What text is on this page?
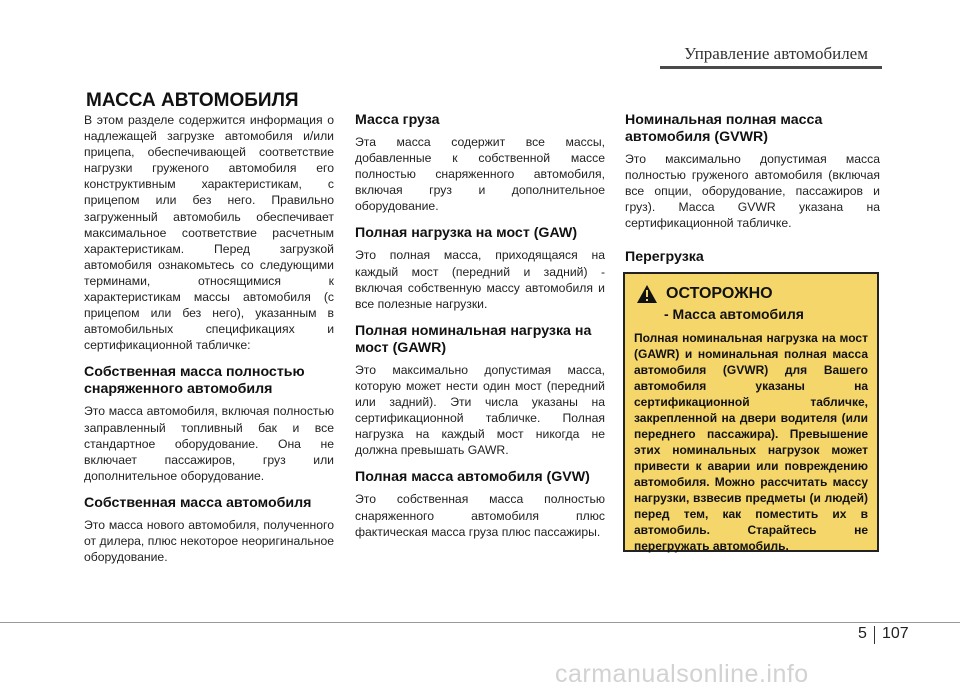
Управление автомобилем
МАССА АВТОМОБИЛЯ

В этом разделе содержится информация о надлежащей загрузке автомобиля и/или прицепа, обеспечивающей соответствие нагрузки груженого автомобиля его конструктивным характеристикам, с прицепом или без него. Правильно загруженный автомобиль обеспечивает максимальное соответствие расчетным характеристикам. Перед загрузкой автомобиля ознакомьтесь со следующими терминами, относящимися к характеристикам массы автомобиля (с прицепом или без него), указанным в автомобильных спецификациях и сертификационной табличке:

Собственная масса полностью снаряженного автомобиля

Это масса автомобиля, включая полностью заправленный топливный бак и все стандартное оборудование. Она не включает пассажиров, груз или дополнительное оборудование.

Собственная масса автомобиля

Это масса нового автомобиля, полученного от дилера, плюс некоторое неоригинальное оборудование.

Масса груза

Эта масса содержит все массы, добавленные к собственной массе полностью снаряженного автомобиля, включая груз и дополнительное оборудование.

Полная нагрузка на мост (GAW)

Это полная масса, приходящаяся на каждый мост (передний и задний) - включая собственную массу автомобиля и все полезные нагрузки.

Полная номинальная нагрузка на мост (GAWR)

Это максимально допустимая масса, которую может нести один мост (передний или задний). Эти числа указаны на сертификационной табличке. Полная нагрузка на каждый мост никогда не должна превышать GAWR.

Полная масса автомобиля (GVW)

Это собственная масса полностью снаряженного автомобиля плюс фактическая масса груза плюс пассажиры.

Номинальная полная масса автомобиля (GVWR)

Это максимально допустимая масса полностью груженого автомобиля (включая все опции, оборудование, пассажиров и груз). Масса GVWR указана на сертификационной табличке.

Перегрузка
ОСТОРОЖНО
- Масса автомобиля
Полная номинальная нагрузка на мост (GAWR) и номинальная полная масса автомобиля (GVWR) для Вашего автомобиля указаны на сертификационной табличке, закрепленной на двери водителя (или переднего пассажира). Превышение этих номинальных нагрузок может привести к аварии или повреждению автомобиля. Можно рассчитать массу нагрузки, взвесив предметы (и людей) перед тем, как поместить их в автомобиль. Старайтесь не перегружать автомобиль.
5 107
carmanualsonline.info
